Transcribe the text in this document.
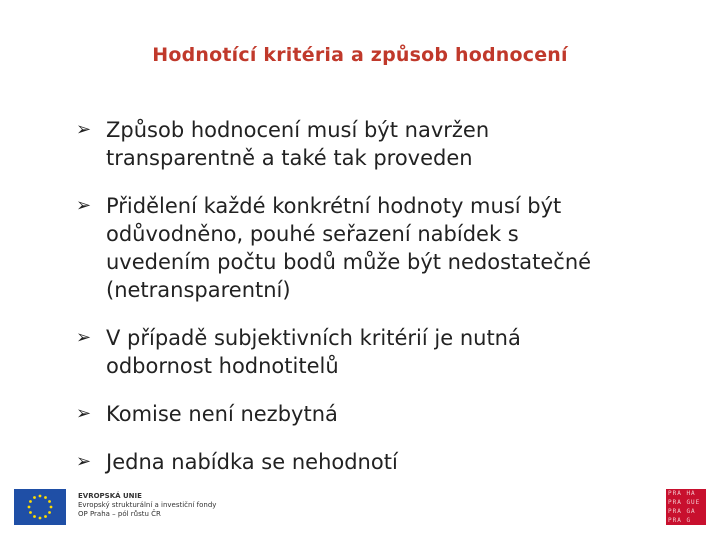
Hodnotící kritéria a způsob hodnocení
➢ Způsob hodnocení musí být navržen
transparentně a také tak proveden
➢ Přidělení každé konkrétní hodnoty musí být
odůvodněno, pouhé seřazení nabídek s
uvedením počtu bodů může být nedostatečné
(netransparentní)
➢ V případě subjektivních kritérií je nutná
odbornost hodnotitelů
➢ Komise není nezbytná
➢ Jedna nabídka se nehodnotí
EVROPSKÁ UNIE
Evropský strukturální a investiční fondy
OP Praha – pól růstu ČR
PRA HA
PRA GUE
PRA GA
PRA G
